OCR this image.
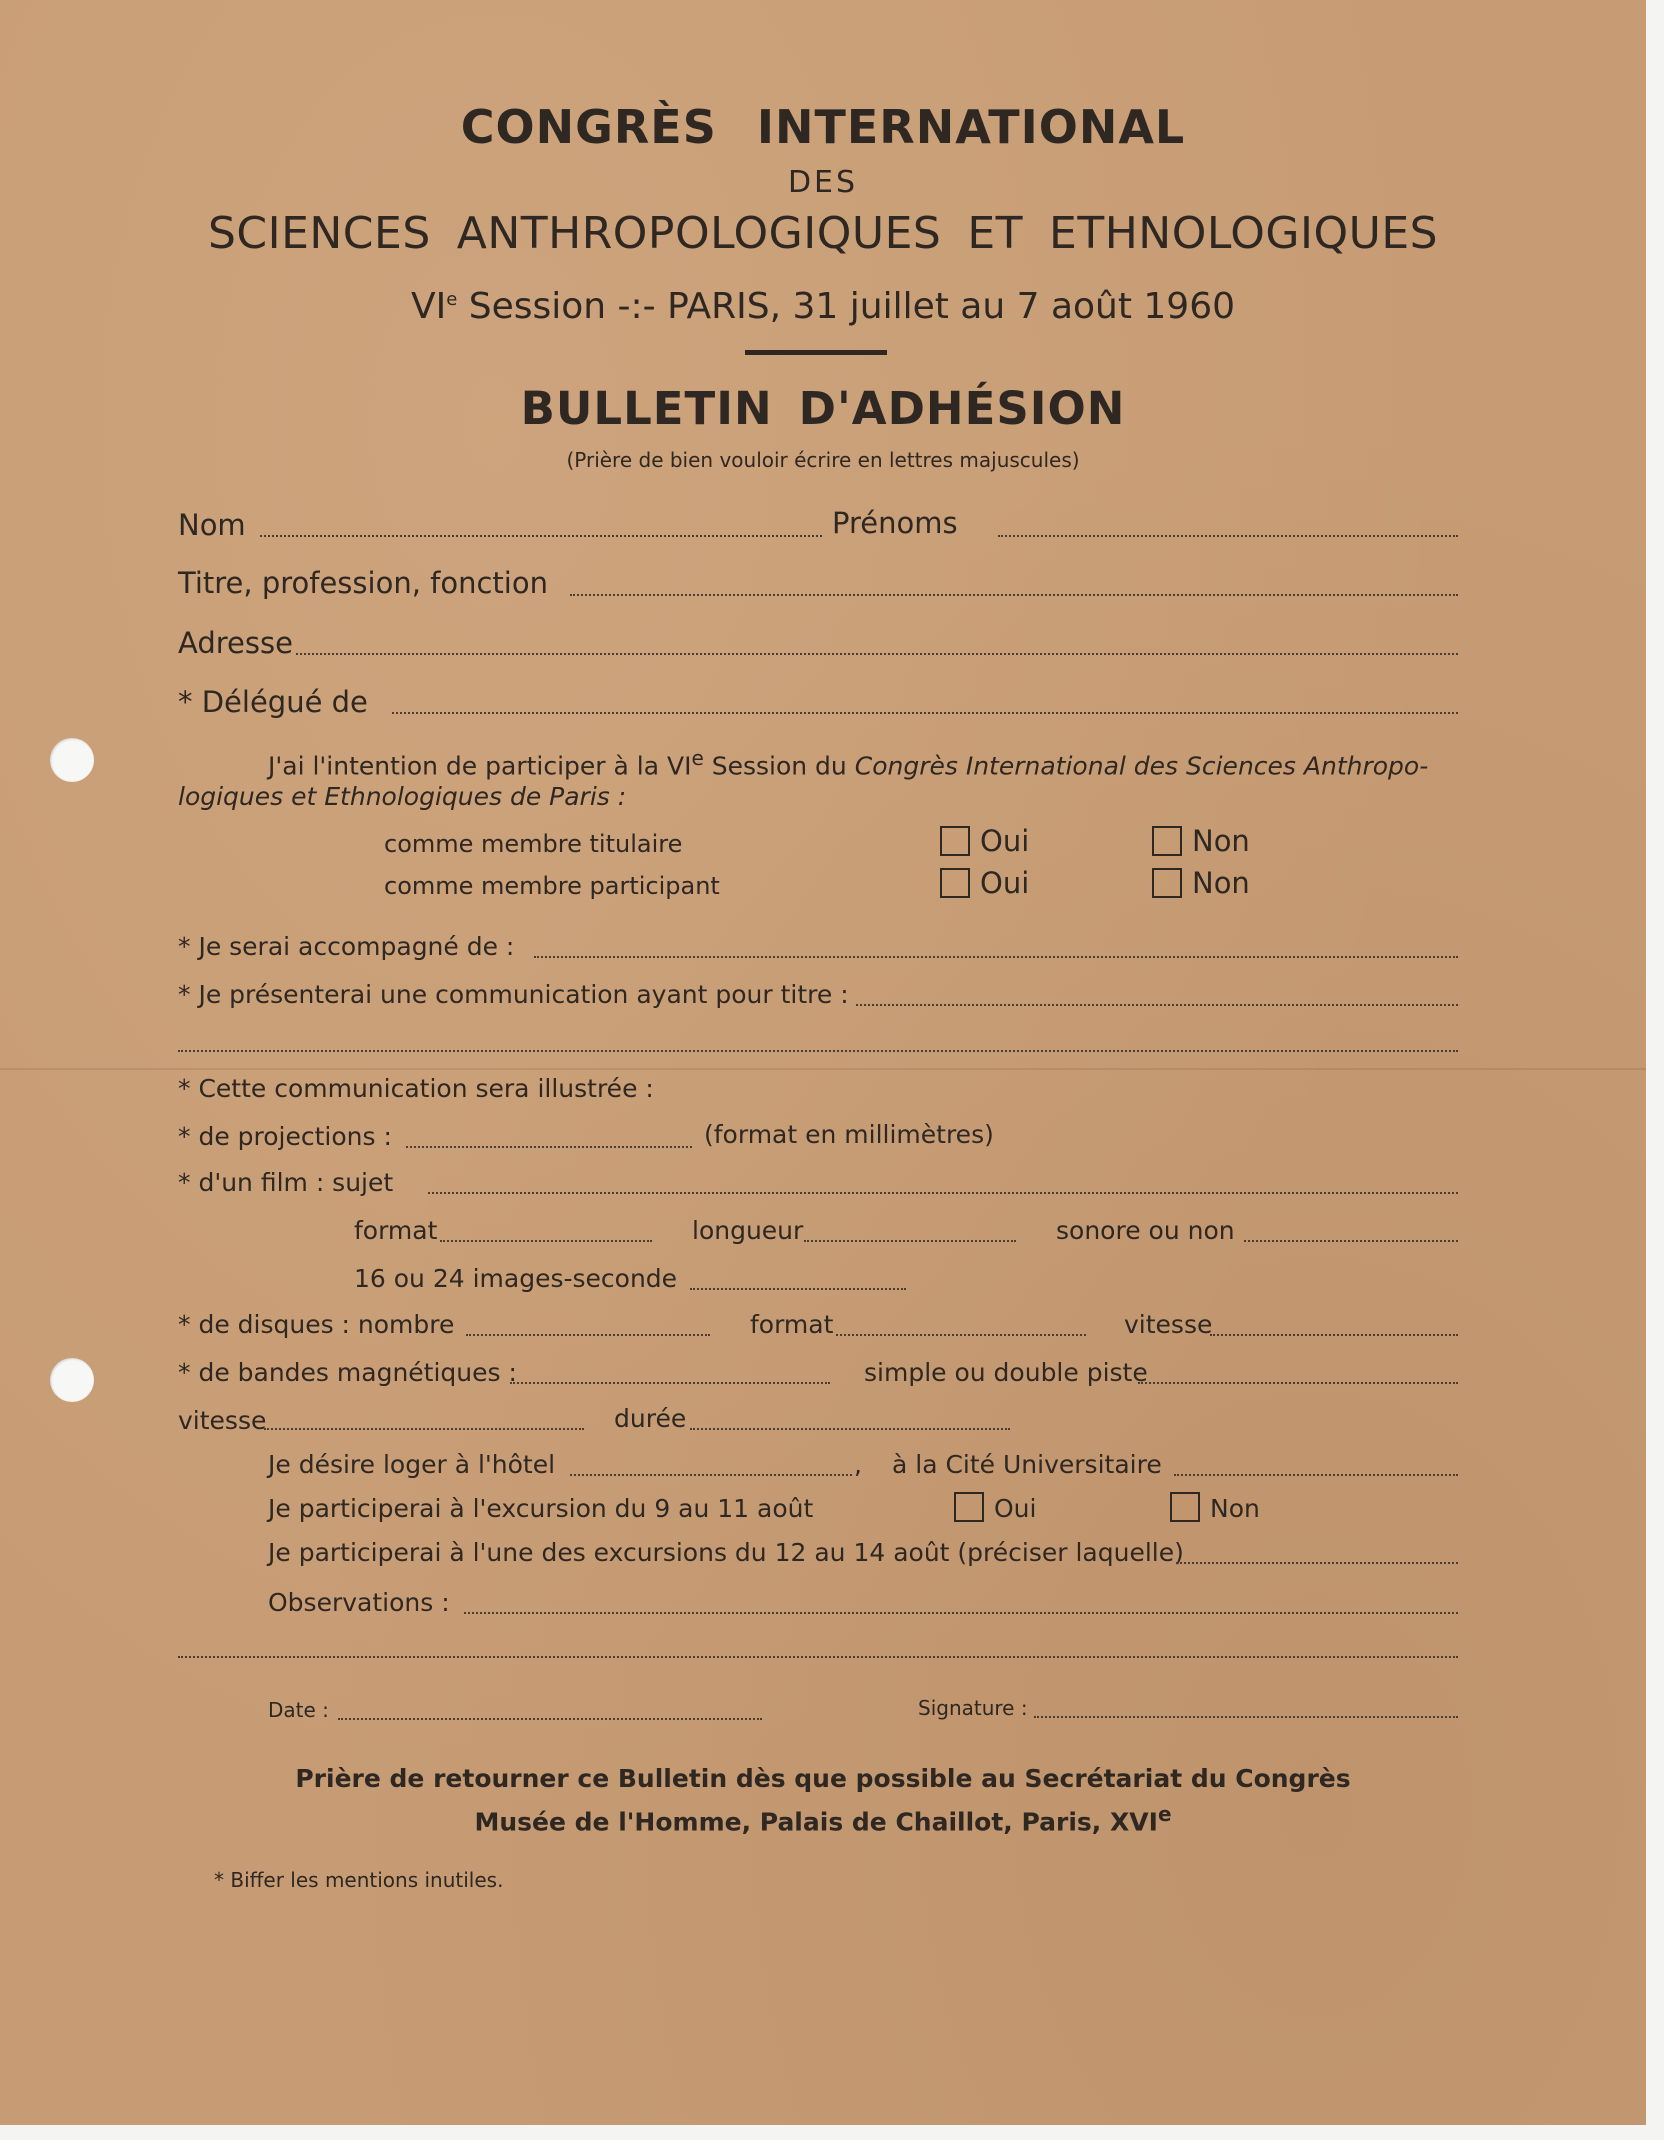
CONGRÈS INTERNATIONAL
DES
SCIENCES ANTHROPOLOGIQUES ET ETHNOLOGIQUES
VIe Session -:- PARIS, 31 juillet au 7 août 1960
BULLETIN D'ADHÉSION
(Prière de bien vouloir écrire en lettres majuscules)
Nom	Prénoms
Titre, profession, fonction
Adresse
* Délégué de
J'ai l'intention de participer à la VIe Session du Congrès International des Sciences Anthropo-
logiques et Ethnologiques de Paris :
comme membre titulaire	Oui	Non
comme membre participant	Oui	Non
* Je serai accompagné de :
* Je présenterai une communication ayant pour titre :
* Cette communication sera illustrée :
* de projections :	(format en millimètres)
* d'un film : sujet
format	longueur	sonore ou non
16 ou 24 images-seconde
* de disques : nombre	format	vitesse
* de bandes magnétiques :	simple ou double piste
vitesse	durée
Je désire loger à l'hôtel	, à la Cité Universitaire
Je participerai à l'excursion du 9 au 11 août	Oui	Non
Je participerai à l'une des excursions du 12 au 14 août (préciser laquelle)
Observations :
Date :	Signature :
Prière de retourner ce Bulletin dès que possible au Secrétariat du Congrès
Musée de l'Homme, Palais de Chaillot, Paris, XVIe
* Biffer les mentions inutiles.
